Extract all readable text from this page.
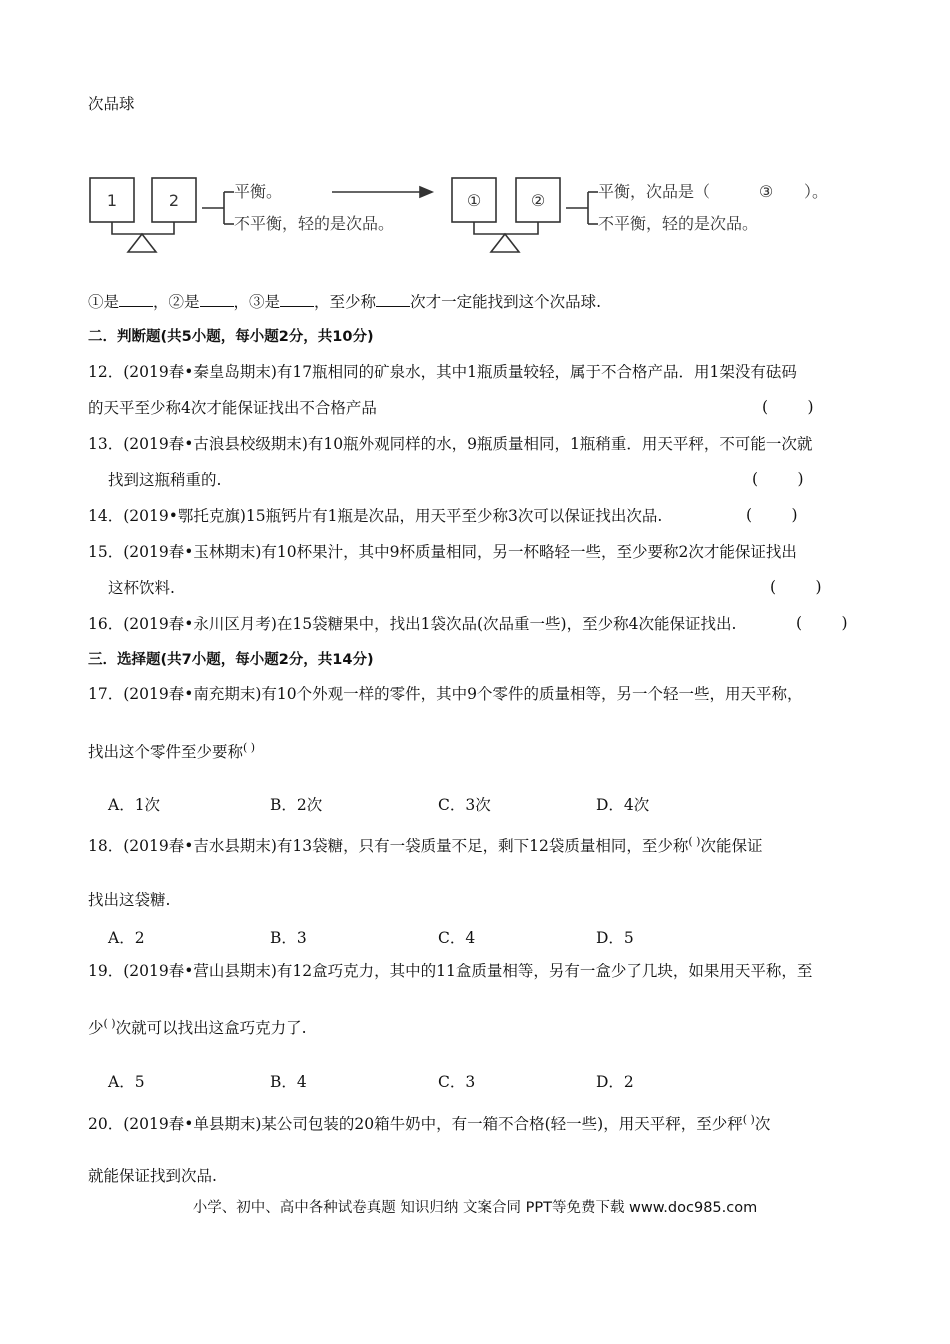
次品球
1	2	平衡。
不平衡，轻的是次品。
①	②	平衡，次品是（	③ ）。
不平衡，轻的是次品。
①是 ，②是 ，③是 ，至少称 次才一定能找到这个次品球.
二．判断题(共5小题，每小题2分，共10分)
12．(2019春•秦皇岛期末)有17瓶相同的矿泉水，其中1瓶质量较轻，属于不合格产品．用1架没有砝码
的天平至少称4次才能保证找出不合格产品	(        )
13．(2019春•古浪县校级期末)有10瓶外观同样的水，9瓶质量相同，1瓶稍重．用天平秤，不可能一次就
找到这瓶稍重的.	(        )
14．(2019•鄂托克旗)15瓶钙片有1瓶是次品，用天平至少称3次可以保证找出次品.	(        )
15．(2019春•玉林期末)有10杯果汁，其中9杯质量相同，另一杯略轻一些，至少要称2次才能保证找出
这杯饮料.	(        )
16．(2019春•永川区月考)在15袋糖果中，找出1袋次品(次品重一些)，至少称4次能保证找出.	(        )
三．选择题(共7小题，每小题2分，共14分)
17．(2019春•南充期末)有10个外观一样的零件，其中9个零件的质量相等，另一个轻一些，用天平称，
找出这个零件至少要称( )
A．1次	B．2次	C．3次	D．4次
18．(2019春•吉水县期末)有13袋糖，只有一袋质量不足，剩下12袋质量相同，至少称( )次能保证
找出这袋糖.
A．2	B．3	C．4	D．5
19．(2019春•营山县期末)有12盒巧克力，其中的11盒质量相等，另有一盒少了几块，如果用天平称，至
少( )次就可以找出这盒巧克力了.
A．5	B．4	C．3	D．2
20．(2019春•单县期末)某公司包装的20箱牛奶中，有一箱不合格(轻一些)，用天平秤，至少秤( )次
就能保证找到次品.
小学、初中、高中各种试卷真题 知识归纳 文案合同 PPT等免费下载 www.doc985.com
